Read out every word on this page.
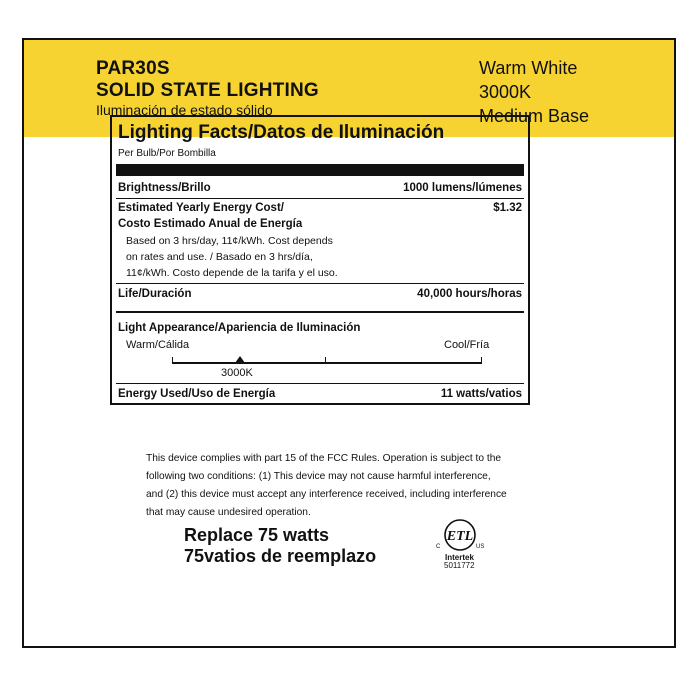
PAR30S
SOLID STATE LIGHTING
Iluminación de estado sólido
Warm White
3000K
Medium Base
Lighting Facts/Datos de Iluminación
Per Bulb/Por Bombilla
Brightness/Brillo	1000 lumens/lúmenes
Estimated Yearly Energy Cost/	$1.32
Costo Estimado Anual de Energía
Based on 3 hrs/day, 11¢/kWh. Cost depends
on rates and use. / Basado en 3 hrs/día,
11¢/kWh. Costo depende de la tarifa y el uso.
Life/Duración	40,000 hours/horas
Light Appearance/Apariencia de Iluminación
Warm/Cálida	Cool/Fría
3000K
Energy Used/Uso de Energía	11 watts/vatios
This device complies with part 15 of the FCC Rules. Operation is subject to the
following two conditions: (1) This device may not cause harmful interference,
and (2) this device must accept any interference received, including interference
that may cause undesired operation.
Replace 75 watts
75vatios de reemplazo
ETL
C	US
Intertek
5011772
